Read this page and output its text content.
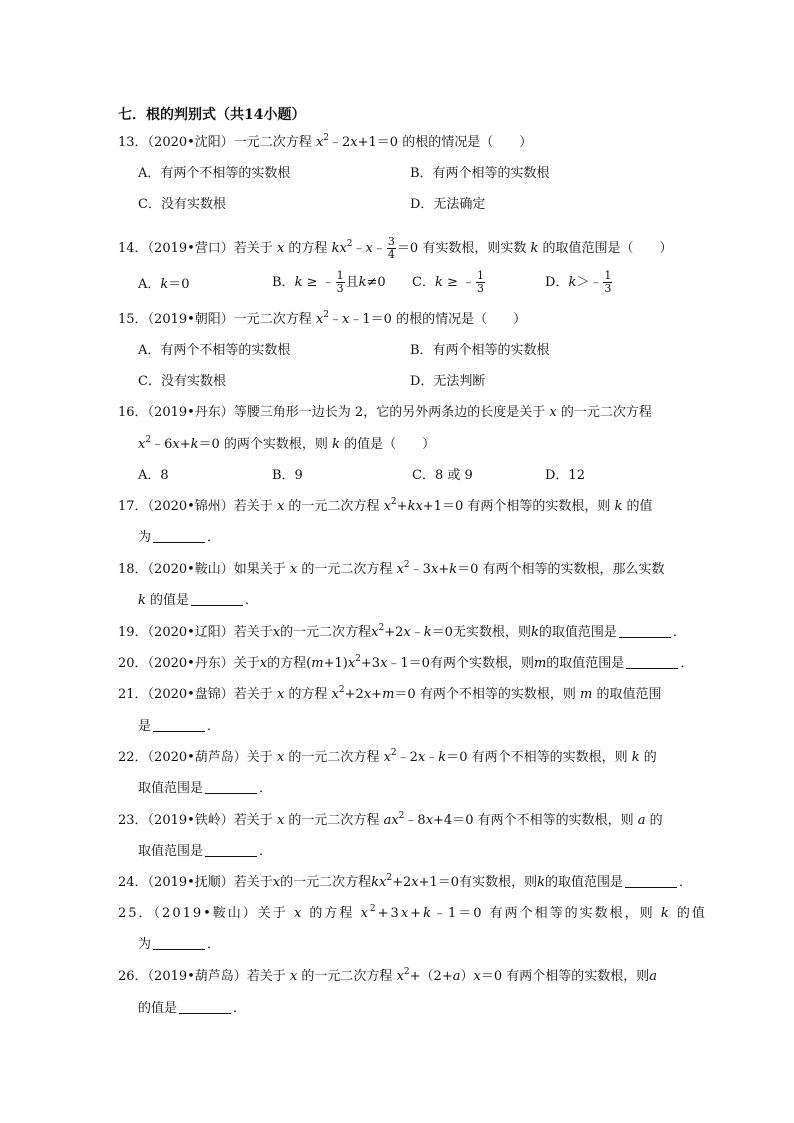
七．根的判别式（共14小题）
13．（2020•沈阳）一元二次方程 $x^2﹣2x+1=0$ 的根的情况是（　　）
A．有两个不相等的实数根	B．有两个相等的实数根
C．没有实数根	D．无法确定
14．（2019•营口）若关于 x 的方程 $kx^2﹣x﹣ \frac{3}{4} =0$ 有实数根，则实数 k 的取值范围是（　　）
A．k＝0	B．k ≥ ﹣ $\frac{1}{3}$ 且k≠0 C．k ≥ ﹣ $\frac{1}{3}$	D．k＞﹣ $\frac{1}{3}$
15．（2019•朝阳）一元二次方程 $x^2﹣x﹣1=0$ 的根的情况是（　　）
A．有两个不相等的实数根	B．有两个相等的实数根
C．没有实数根	D．无法判断
16．（2019•丹东）等腰三角形一边长为 2，它的另外两条边的长度是关于 x 的一元二次方程
$x^2﹣6x+k=0$ 的两个实数根，则 k 的值是（　　）
A．8	B．9	C．8 或 9	D．12
17．（2020•锦州）若关于 x 的一元二次方程 $x^2+kx+1=0$ 有两个相等的实数根，则 k 的值
为	．
18．（2020•鞍山）如果关于 x 的一元二次方程 $x^2﹣3x+k=0$ 有两个相等的实数根，那么实数
k 的值是	．
19．（2020•辽阳）若关于x的一元二次方程$x^2+2x﹣k=0$无实数根，则k的取值范围是	．
20．（2020•丹东）关于x的方程$(m+1)x^2+3x﹣1=0$有两个实数根，则m的取值范围是	．
21．（2020•盘锦）若关于 x 的方程 $x^2+2x+m=0$ 有两个不相等的实数根，则 m 的取值范围
是	．
22．（2020•葫芦岛）关于 x 的一元二次方程 $x^2﹣2x﹣k=0$ 有两个不相等的实数根，则 k 的
取值范围是	．
23．（2019•铁岭）若关于 x 的一元二次方程 $ax^2﹣8x+4=0$ 有两个不相等的实数根，则 a 的
取值范围是	．
24．（2019•抚顺）若关于x的一元二次方程$kx^2+2x+1=0$有实数根，则k的取值范围是	．
25．（2019•鞍山）关于 x 的方程 $x^2+3x+k﹣1=0$ 有两个相等的实数根，则 k 的值
为	．
26．（2019•葫芦岛）若关于 x 的一元二次方程 $x^2+(2+a)x=0$ 有两个相等的实数根，则a
的值是	．
